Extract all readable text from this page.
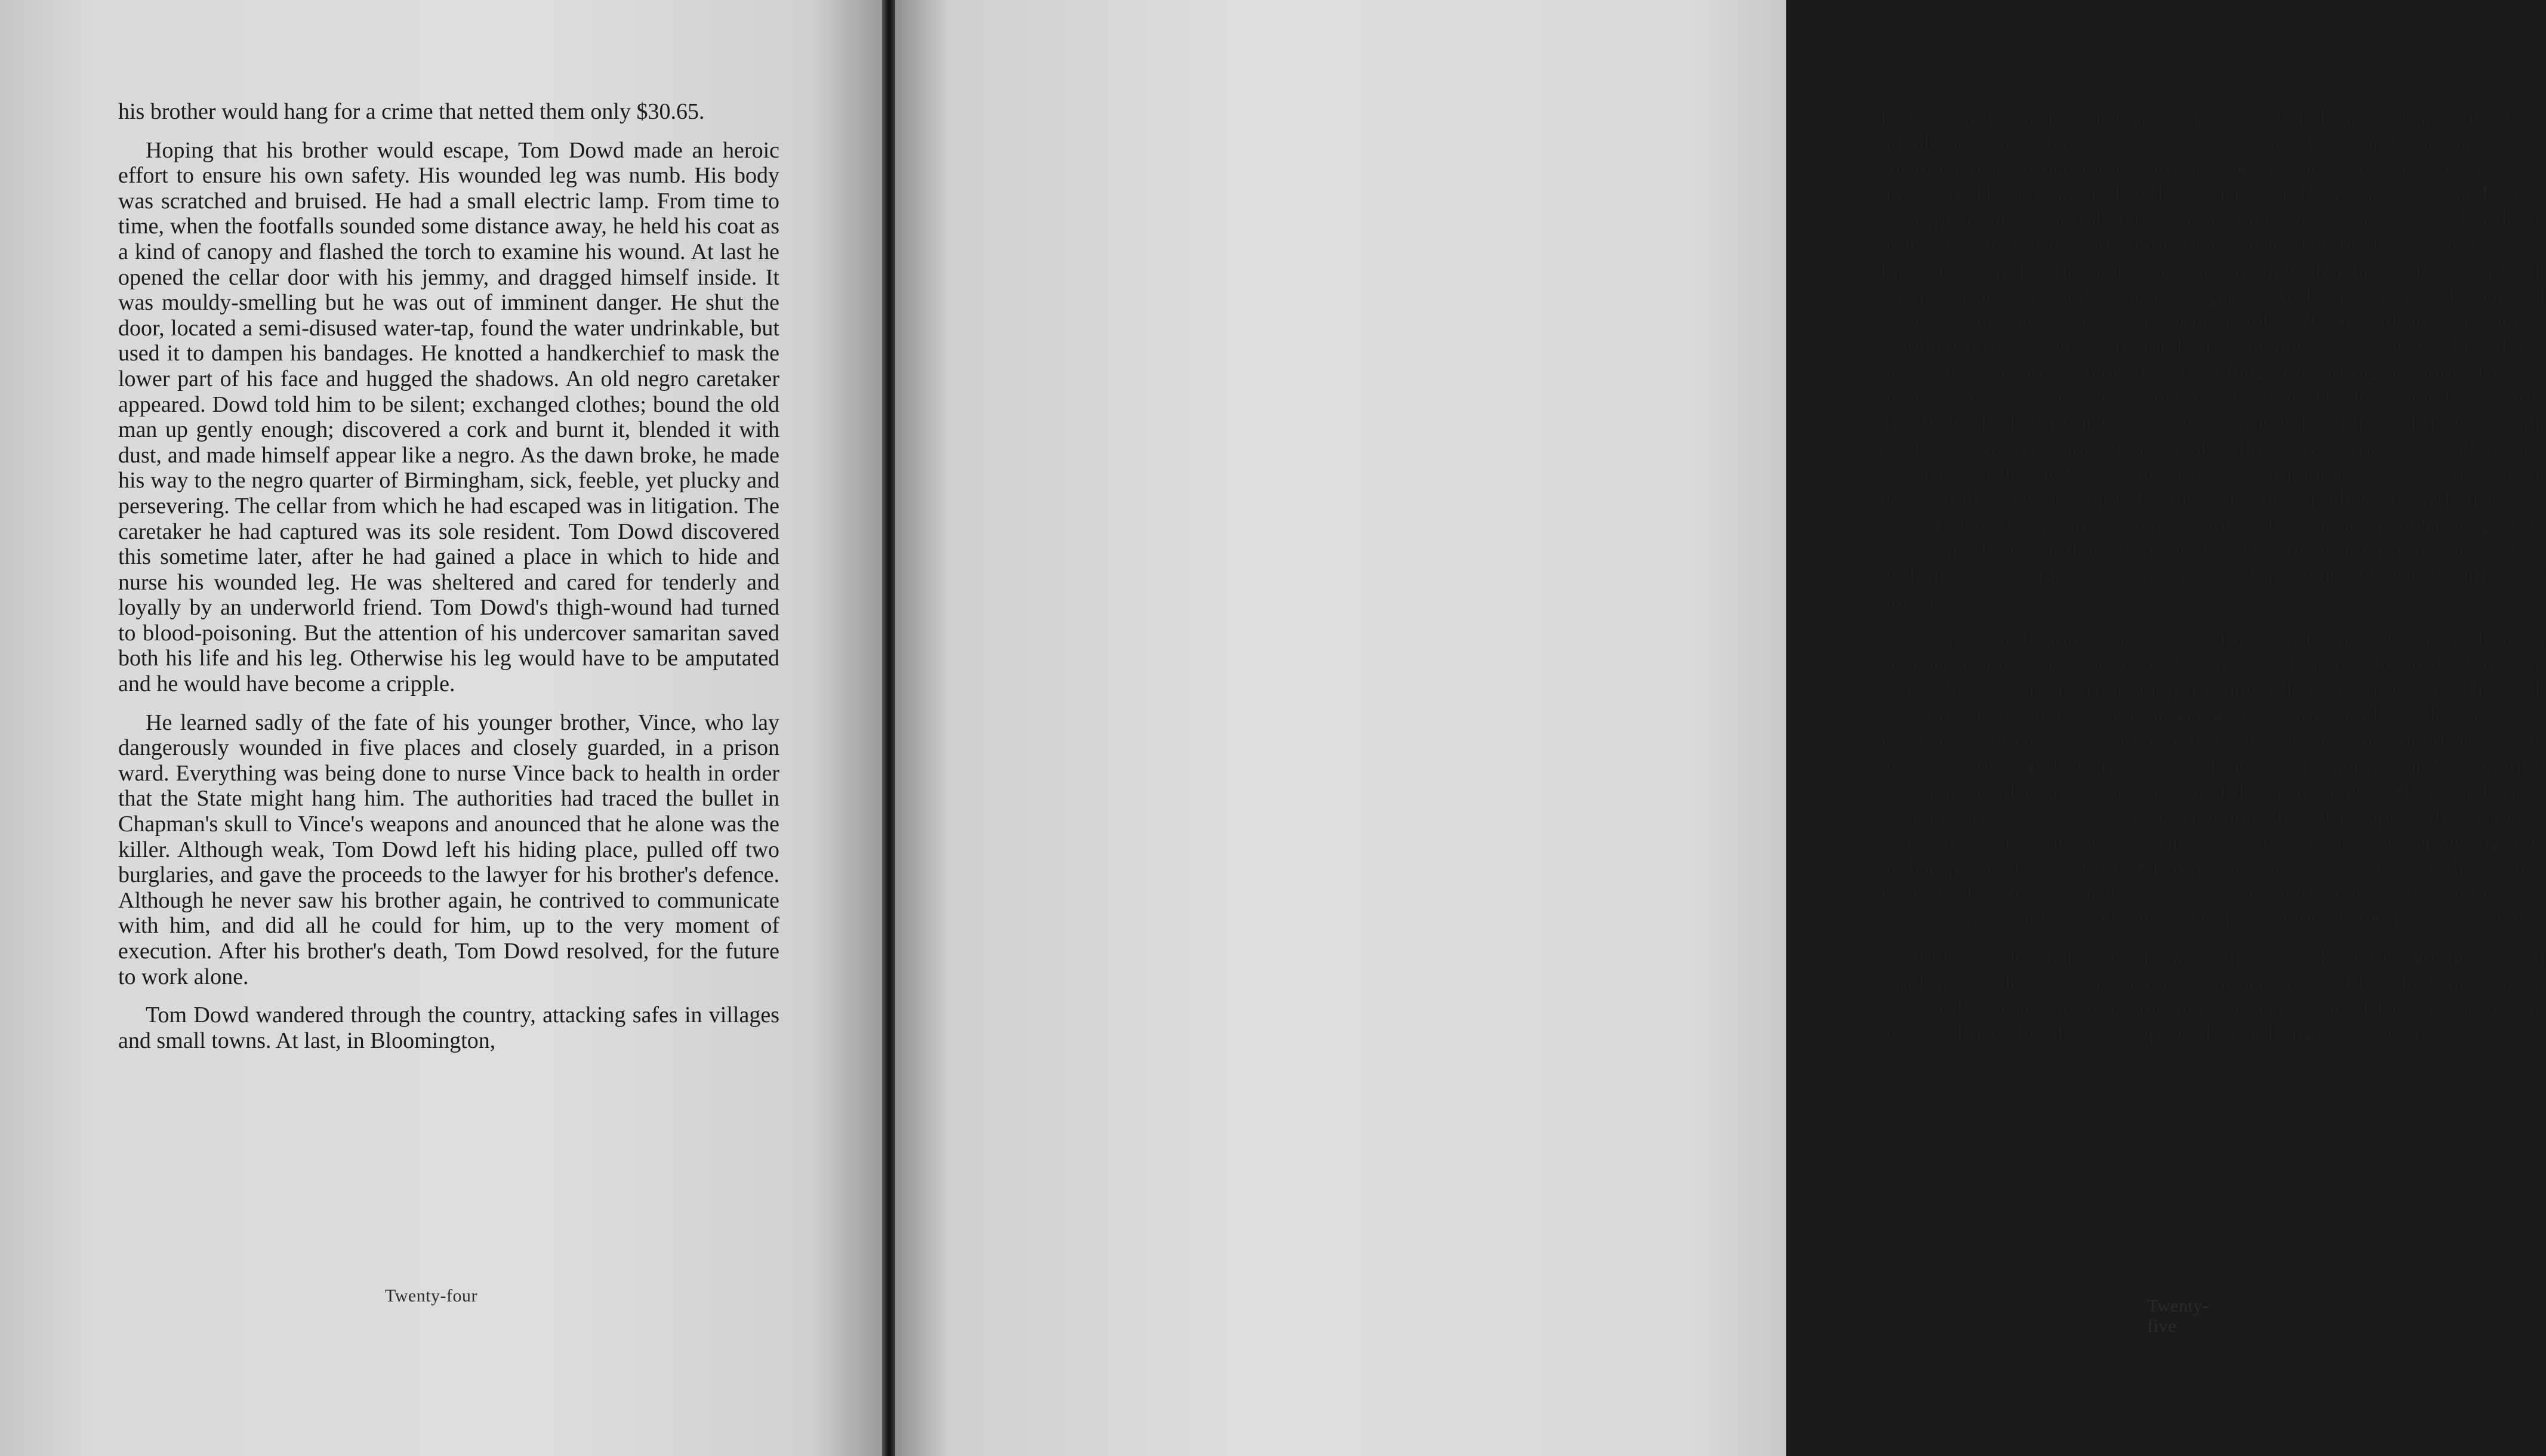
his brother would hang for a crime that netted them only $30.65.

Hoping that his brother would escape, Tom Dowd made an heroic effort to ensure his own safety. His wounded leg was numb. His body was scratched and bruised. He had a small electric lamp. From time to time, when the footfalls sounded some distance away, he held his coat as a kind of canopy and flashed the torch to examine his wound. At last he opened the cellar door with his jemmy, and dragged himself inside. It was mouldy-smelling but he was out of imminent danger. He shut the door, located a semi-disused water-tap, found the water undrinkable, but used it to dampen his bandages. He knotted a handkerchief to mask the lower part of his face and hugged the shadows. An old negro caretaker appeared. Dowd told him to be silent; exchanged clothes; bound the old man up gently enough; discovered a cork and burnt it, blended it with dust, and made himself appear like a negro. As the dawn broke, he made his way to the negro quarter of Birmingham, sick, feeble, yet plucky and persevering. The cellar from which he had escaped was in litigation. The caretaker he had captured was its sole resident. Tom Dowd discovered this sometime later, after he had gained a place in which to hide and nurse his wounded leg. He was sheltered and cared for tenderly and loyally by an underworld friend. Tom Dowd's thigh-wound had turned to blood-poisoning. But the attention of his undercover samaritan saved both his life and his leg. Otherwise his leg would have to be amputated and he would have become a cripple.

He learned sadly of the fate of his younger brother, Vince, who lay dangerously wounded in five places and closely guarded, in a prison ward. Everything was being done to nurse Vince back to health in order that the State might hang him. The authorities had traced the bullet in Chapman's skull to Vince's weapons and anounced that he alone was the killer. Although weak, Tom Dowd left his hiding place, pulled off two burglaries, and gave the proceeds to the lawyer for his brother's defence. Although he never saw his brother again, he contrived to communicate with him, and did all he could for him, up to the very moment of execution. After his brother's death, Tom Dowd resolved, for the future to work alone.

Tom Dowd wandered through the country, attacking safes in villages and small towns. At last, in Bloomington,

Twenty-four

Illinois, he broke into a general store, exploded the safe, but jarred the telephone wire. This acted as a burglar alarm and the store was surrounded by armed men. Vince had been dead two years and Tom was unarmed. He surrendered and was tried and sentenced to the Illinois State penitentiary at Joliet for a term of fifteen years. He settled down mildly to prison life, and although the police had declared that he was a lone and resolute marauder, no one dreamed that he would attempt an escape. Joliet was said to be impregnable. In his heart, he believed that there was no such thing as an unbreakable jail. He had heard of others who had failed, even when aided with big sums from outside. Dowd had no money and no confederate. He belonged to no organisation. He was utterly alone. And he was unconquered within. He determined to escape. To do this he had to discover the flaw, mental or physical, in the prison or its system. This job of unearthing the “ soft spot ” was subtle and extensive. It demanded resourcefulness and patience. After two years he discovered what he wanted. One way and another, he had inspected every inch of the prison except the hospital. Then he managed to get into the hospital, and studied it thoroughly. One department remained closed to him—the insane ward. He resolved to penetrate this chamber of horrors.

After several more weeks of waiting and trying, Dowd got himself attached to the gang that cleaned the prison. One day he strolled into the ward of those whom crime and punishment had driven insane. His work was almost complete, when the keeper or warder in charge left the ward for a few moments. Dowd dashed to the windows and found one of the gratings loose. He left his bucket behind “ accidentally ” and reported it: was reprimanded, and sent in the next day to recover it. He owned a file, stolen during his “ visits ” to the machine shop. He slipped this behind a water-pipe before he left the maniacs' ward. And now, remembering how he had played the Negro in Birmingham, he resolved to play the maniac in Joliet. His aim was to be transferred to the maniacs' ward, and then to the room, in which he had concealed his weapon of liberty. What a man!

Tom was clever. He again waited a few weeks before going crazy. It would never do to assume madness immediately. At last the time came to execute his strategem. One morning, a keeper found Dowd lounging in his cell, flushed with fever apparently, rambling extravagantly.

Twenty-five
